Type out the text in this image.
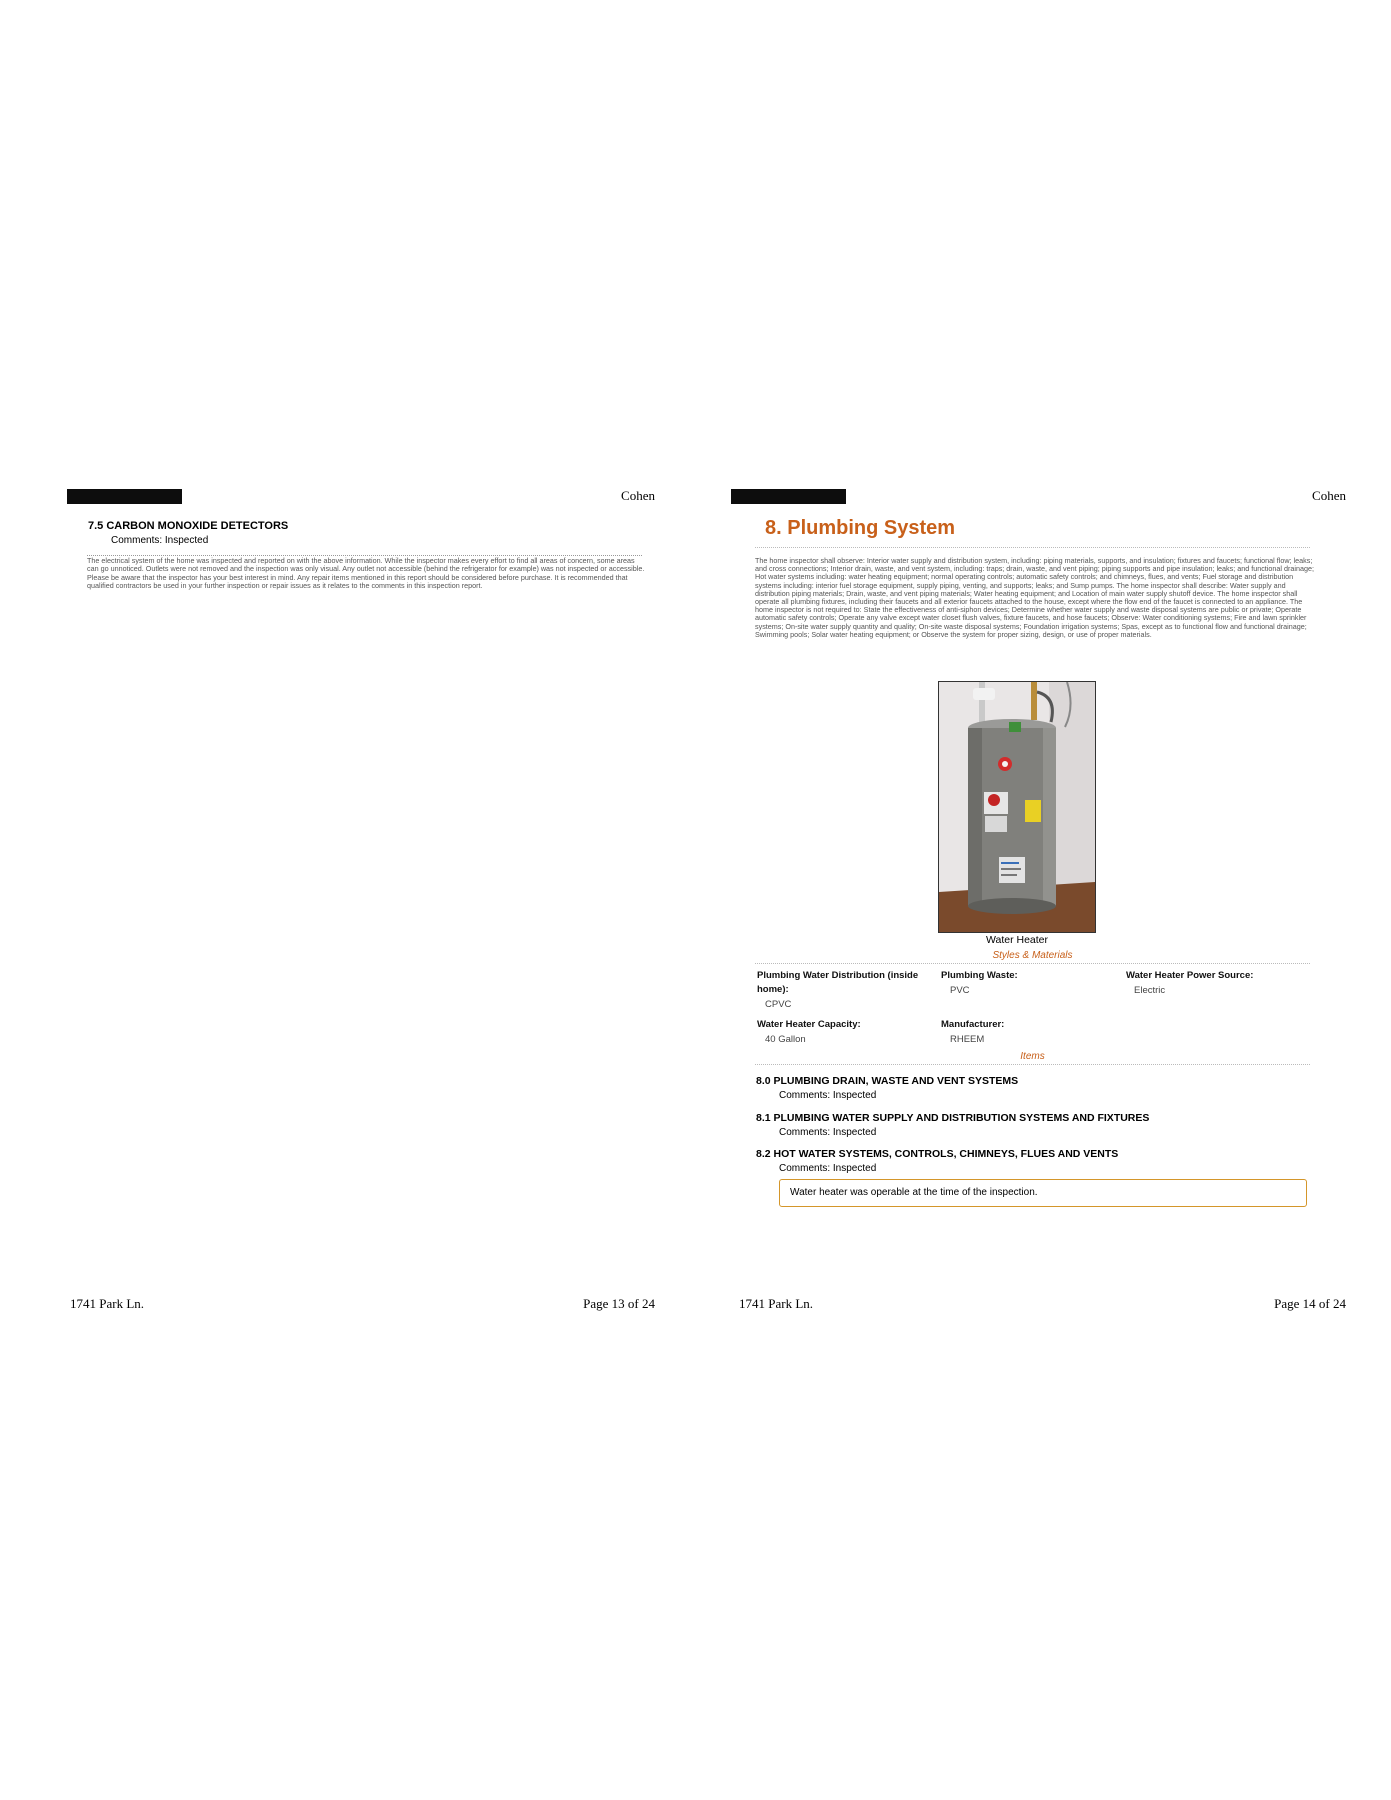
Cohen
7.5 CARBON MONOXIDE DETECTORS
Comments: Inspected

The electrical system of the home was inspected and reported on with the above information. While the inspector makes every effort to find all areas of concern, some areas can go unnoticed. Outlets were not removed and the inspection was only visual. Any outlet not accessible (behind the refrigerator for example) was not inspected or accessible. Please be aware that the inspector has your best interest in mind. Any repair items mentioned in this report should be considered before purchase. It is recommended that qualified contractors be used in your further inspection or repair issues as it relates to the comments in this inspection report.

1741 Park Ln.	Page 13 of 24
Cohen
8. Plumbing System

The home inspector shall observe: Interior water supply and distribution system, including: piping materials, supports, and insulation; fixtures and faucets; functional flow; leaks; and cross connections; Interior drain, waste, and vent system, including: traps; drain, waste, and vent piping; piping supports and pipe insulation; leaks; and functional drainage; Hot water systems including: water heating equipment; normal operating controls; automatic safety controls; and chimneys, flues, and vents; Fuel storage and distribution systems including: interior fuel storage equipment, supply piping, venting, and supports; leaks; and Sump pumps. The home inspector shall describe: Water supply and distribution piping materials; Drain, waste, and vent piping materials; Water heating equipment; and Location of main water supply shutoff device. The home inspector shall operate all plumbing fixtures, including their faucets and all exterior faucets attached to the house, except where the flow end of the faucet is connected to an appliance. The home inspector is not required to: State the effectiveness of anti-siphon devices; Determine whether water supply and waste disposal systems are public or private; Operate automatic safety controls; Operate any valve except water closet flush valves, fixture faucets, and hose faucets; Observe: Water conditioning systems; Fire and lawn sprinkler systems; On-site water supply quantity and quality; On-site waste disposal systems; Foundation irrigation systems; Spas, except as to functional flow and functional drainage; Swimming pools; Solar water heating equipment; or Observe the system for proper sizing, design, or use of proper materials.

Water Heater
Styles & Materials
Plumbing Water Distribution (inside home):
CPVC
Plumbing Waste:
PVC
Water Heater Power Source:
Electric
Water Heater Capacity:
40 Gallon
Manufacturer:
RHEEM
Items
8.0 PLUMBING DRAIN, WASTE AND VENT SYSTEMS
Comments: Inspected
8.1 PLUMBING WATER SUPPLY AND DISTRIBUTION SYSTEMS AND FIXTURES
Comments: Inspected
8.2 HOT WATER SYSTEMS, CONTROLS, CHIMNEYS, FLUES AND VENTS
Comments: Inspected
Water heater was operable at the time of the inspection.
1741 Park Ln.	Page 14 of 24
